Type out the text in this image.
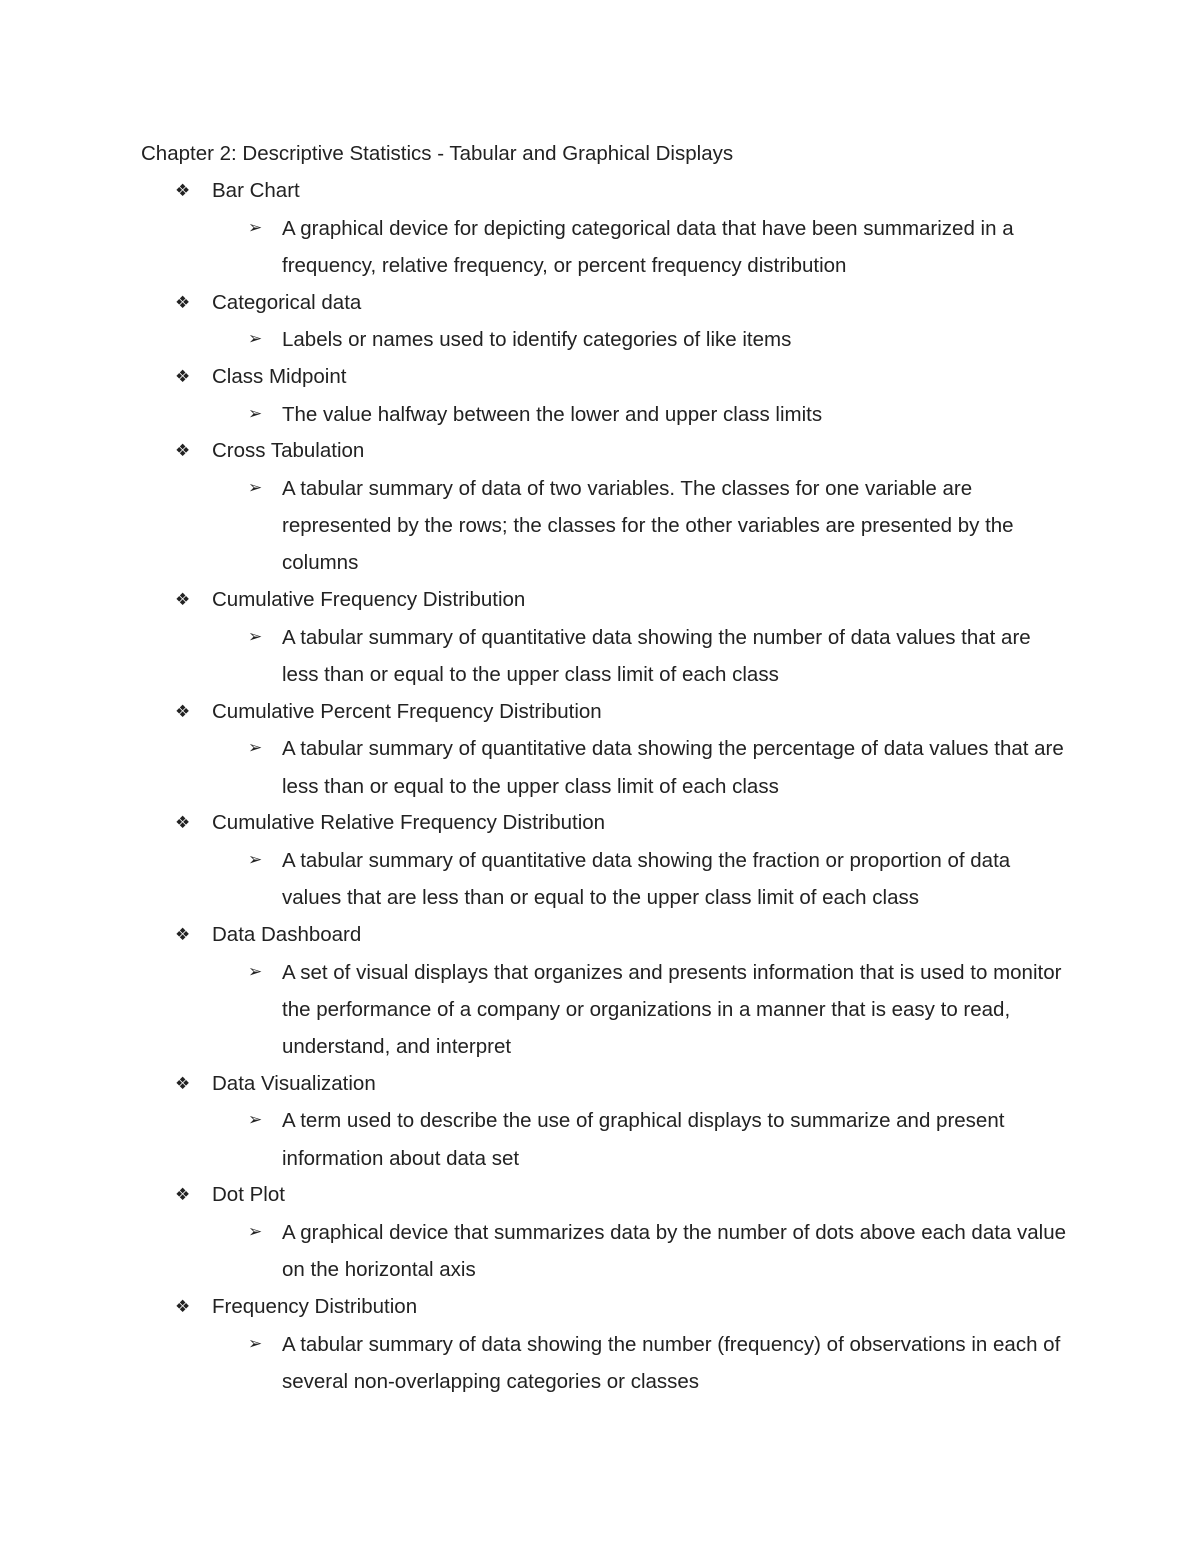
Chapter 2: Descriptive Statistics - Tabular and Graphical Displays
❖ Bar Chart
➢ A graphical device for depicting categorical data that have been summarized in a frequency, relative frequency, or percent frequency distribution
❖ Categorical data
➢ Labels or names used to identify categories of like items
❖ Class Midpoint
➢ The value halfway between the lower and upper class limits
❖ Cross Tabulation
➢ A tabular summary of data of two variables. The classes for one variable are represented by the rows; the classes for the other variables are presented by the columns
❖ Cumulative Frequency Distribution
➢ A tabular summary of quantitative data showing the number of data values that are less than or equal to the upper class limit of each class
❖ Cumulative Percent Frequency Distribution
➢ A tabular summary of quantitative data showing the percentage of data values that are less than or equal to the upper class limit of each class
❖ Cumulative Relative Frequency Distribution
➢ A tabular summary of quantitative data showing the fraction or proportion of data values that are less than or equal to the upper class limit of each class
❖ Data Dashboard
➢ A set of visual displays that organizes and presents information that is used to monitor the performance of a company or organizations in a manner that is easy to read, understand, and interpret
❖ Data Visualization
➢ A term used to describe the use of graphical displays to summarize and present information about data set
❖ Dot Plot
➢ A graphical device that summarizes data by the number of dots above each data value on the horizontal axis
❖ Frequency Distribution
➢ A tabular summary of data showing the number (frequency) of observations in each of several non-overlapping categories or classes
